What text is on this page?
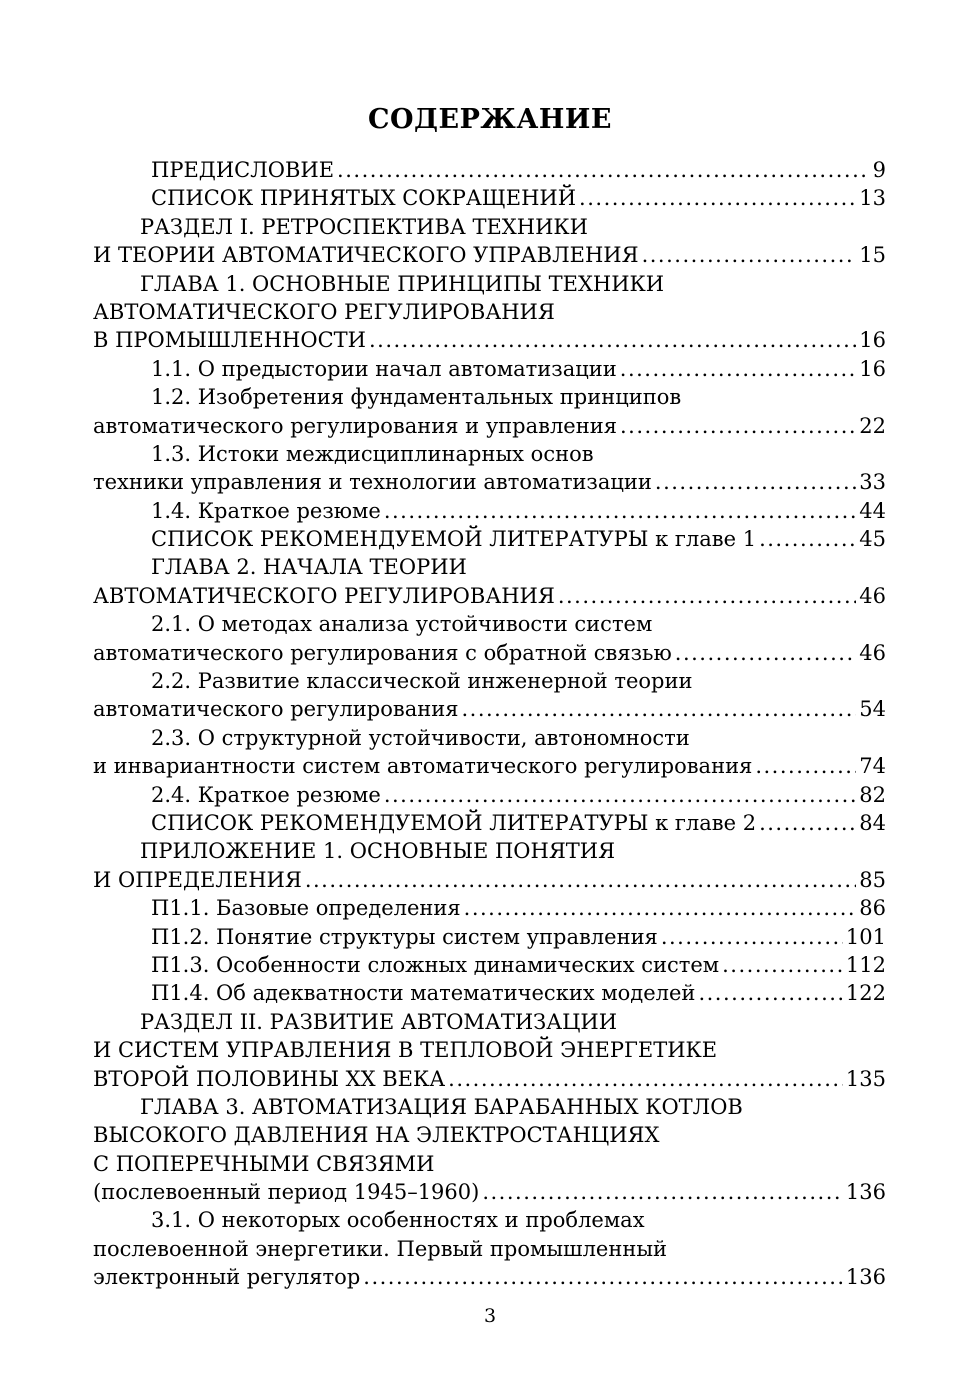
СОДЕРЖАНИЕ
ПРЕДИСЛОВИЕ .....	9
СПИСОК ПРИНЯТЫХ СОКРАЩЕНИЙ .....	13
РАЗДЕЛ I. РЕТРОСПЕКТИВА ТЕХНИКИ
И ТЕОРИИ АВТОМАТИЧЕСКОГО УПРАВЛЕНИЯ .....	15
ГЛАВА 1. ОСНОВНЫЕ ПРИНЦИПЫ ТЕХНИКИ
АВТОМАТИЧЕСКОГО РЕГУЛИРОВАНИЯ
В ПРОМЫШЛЕННОСТИ .....	16
1.1. О предыстории начал автоматизации .....	16
1.2. Изобретения фундаментальных принципов
автоматического регулирования и управления .....	22
1.3. Истоки междисциплинарных основ
техники управления и технологии автоматизации .....	33
1.4. Краткое резюме .....	44
СПИСОК РЕКОМЕНДУЕМОЙ ЛИТЕРАТУРЫ к главе 1 .....	45
ГЛАВА 2. НАЧАЛА ТЕОРИИ
АВТОМАТИЧЕСКОГО РЕГУЛИРОВАНИЯ .....	46
2.1. О методах анализа устойчивости систем
автоматического регулирования с обратной связью .....	46
2.2. Развитие классической инженерной теории
автоматического регулирования .....	54
2.3. О структурной устойчивости, автономности
и инвариантности систем автоматического регулирования .....	74
2.4. Краткое резюме .....	82
СПИСОК РЕКОМЕНДУЕМОЙ ЛИТЕРАТУРЫ к главе 2 .....	84
ПРИЛОЖЕНИЕ 1. ОСНОВНЫЕ ПОНЯТИЯ
И ОПРЕДЕЛЕНИЯ .....	85
П1.1. Базовые определения .....	86
П1.2. Понятие структуры систем управления .....	101
П1.3. Особенности сложных динамических систем .....	112
П1.4. Об адекватности математических моделей .....	122
РАЗДЕЛ II. РАЗВИТИЕ АВТОМАТИЗАЦИИ
И СИСТЕМ УПРАВЛЕНИЯ В ТЕПЛОВОЙ ЭНЕРГЕТИКЕ
ВТОРОЙ ПОЛОВИНЫ XX ВЕКА .....	135
ГЛАВА 3. АВТОМАТИЗАЦИЯ БАРАБАННЫХ КОТЛОВ
ВЫСОКОГО ДАВЛЕНИЯ НА ЭЛЕКТРОСТАНЦИЯХ
С ПОПЕРЕЧНЫМИ СВЯЗЯМИ
(послевоенный период 1945–1960) .....	136
3.1. О некоторых особенностях и проблемах
послевоенной энергетики. Первый промышленный
электронный регулятор .....	136
3
